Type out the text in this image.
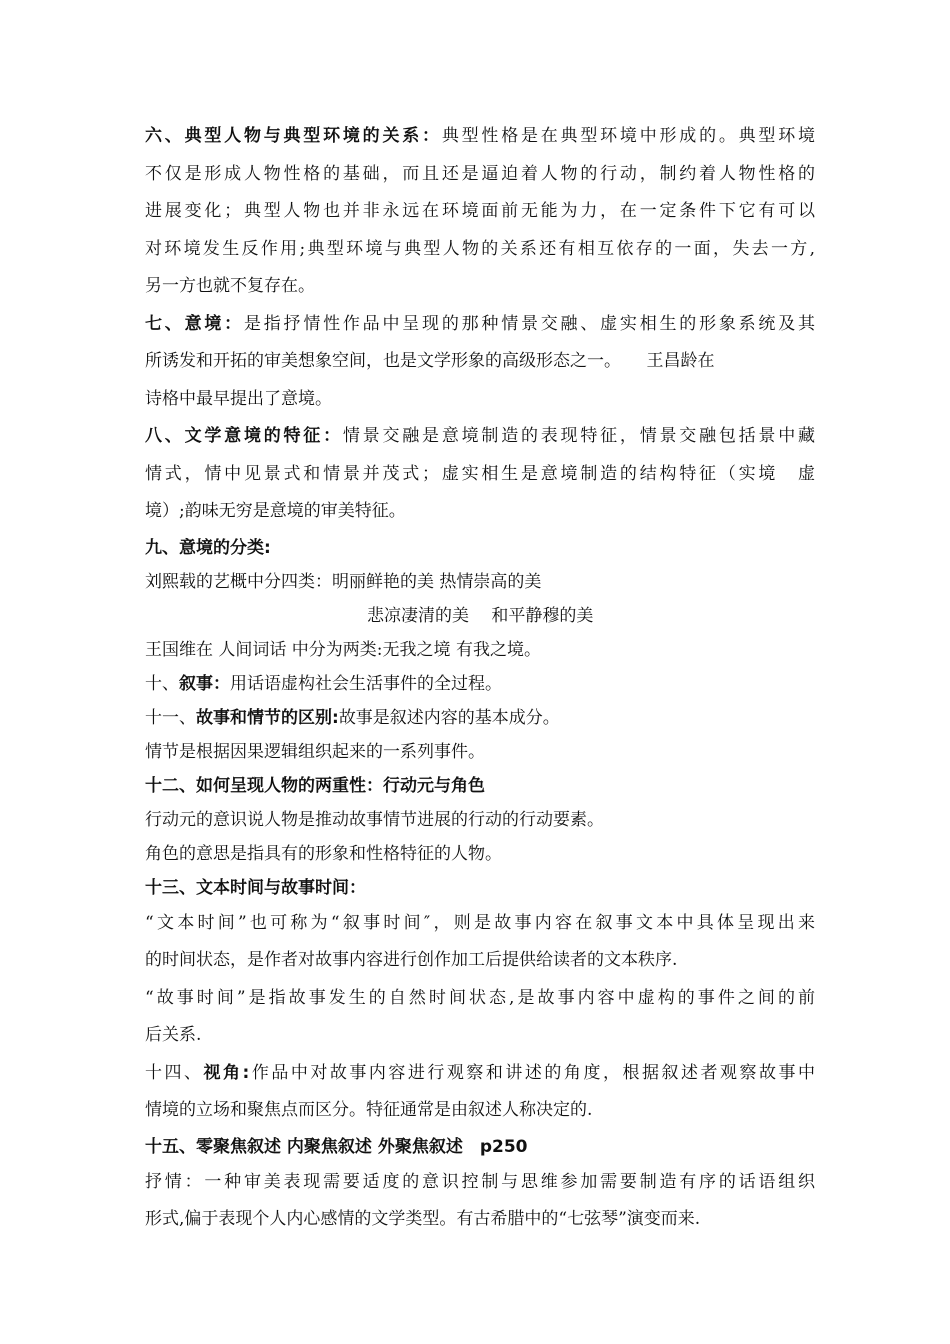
六、典型人物与典型环境的关系：典型性格是在典型环境中形成的。典型环境
不仅是形成人物性格的基础，而且还是逼迫着人物的行动，制约着人物性格的
进展变化；典型人物也并非永远在环境面前无能为力，在一定条件下它有可以
对环境发生反作用;典型环境与典型人物的关系还有相互依存的一面，失去一方,
另一方也就不复存在。
七、意境：是指抒情性作品中呈现的那种情景交融、虚实相生的形象系统及其
所诱发和开拓的审美想象空间，也是文学形象的高级形态之一。　　王昌龄在
诗格中最早提出了意境。
八、文学意境的特征：情景交融是意境制造的表现特征，情景交融包括景中藏
情式，情中见景式和情景并茂式；虚实相生是意境制造的结构特征（实境　虚
境）;韵味无穷是意境的审美特征。
九、意境的分类:
刘熙载的艺概中分四类：明丽鲜艳的美 热情崇高的美
悲凉凄清的美　 和平静穆的美
王国维在 人间词话 中分为两类:无我之境 有我之境。
十、叙事：用话语虚构社会生活事件的全过程。
十一、故事和情节的区别:故事是叙述内容的基本成分。
情节是根据因果逻辑组织起来的一系列事件。
十二、如何呈现人物的两重性：行动元与角色
行动元的意识说人物是推动故事情节进展的行动的行动要素。
角色的意思是指具有的形象和性格特征的人物。
十三、文本时间与故事时间：
“文本时间”也可称为“叙事时间″，则是故事内容在叙事文本中具体呈现出来
的时间状态，是作者对故事内容进行创作加工后提供给读者的文本秩序.
“故事时间”是指故事发生的自然时间状态,是故事内容中虚构的事件之间的前
后关系.
十四、视角:作品中对故事内容进行观察和讲述的角度，根据叙述者观察故事中
情境的立场和聚焦点而区分。特征通常是由叙述人称决定的.
十五、零聚焦叙述 内聚焦叙述 外聚焦叙述　p250
抒情：一种审美表现需要适度的意识控制与思维参加需要制造有序的话语组织
形式,偏于表现个人内心感情的文学类型。有古希腊中的“七弦琴”演变而来.
